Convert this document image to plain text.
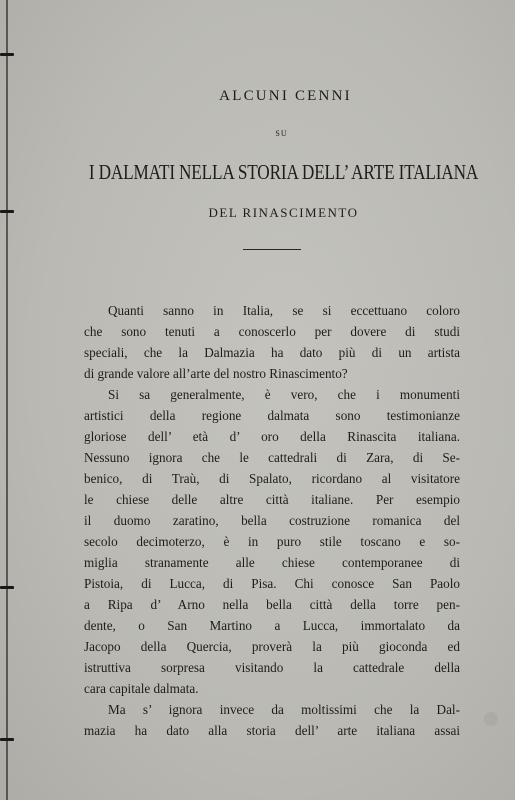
ALCUNI CENNI
SU
I DALMATI NELLA STORIA DELL’ ARTE ITALIANA
DEL RINASCIMENTO
Quanti sanno in Italia, se si eccettuano coloro
che sono tenuti a conoscerlo per dovere di studi
speciali, che la Dalmazia ha dato più di un artista
di grande valore all’arte del nostro Rinascimento?
Si sa generalmente, è vero, che i monumenti
artistici della regione dalmata sono testimonianze
gloriose dell’ età d’ oro della Rinascita italiana.
Nessuno ignora che le cattedrali di Zara, di Se-
benico, di Traù, di Spalato, ricordano al visitatore
le chiese delle altre città italiane. Per esempio
il duomo zaratino, bella costruzione romanica del
secolo decimoterzo, è in puro stile toscano e so-
miglia stranamente alle chiese contemporanee di
Pistoia, di Lucca, di Pisa. Chi conosce San Paolo
a Ripa d’ Arno nella bella città della torre pen-
dente, o San Martino a Lucca, immortalato da
Jacopo della Quercia, proverà la più gioconda ed
istruttiva sorpresa visitando la cattedrale della
cara capitale dalmata.
Ma s’ ignora invece da moltissimi che la Dal-
mazia ha dato alla storia dell’ arte italiana assai
